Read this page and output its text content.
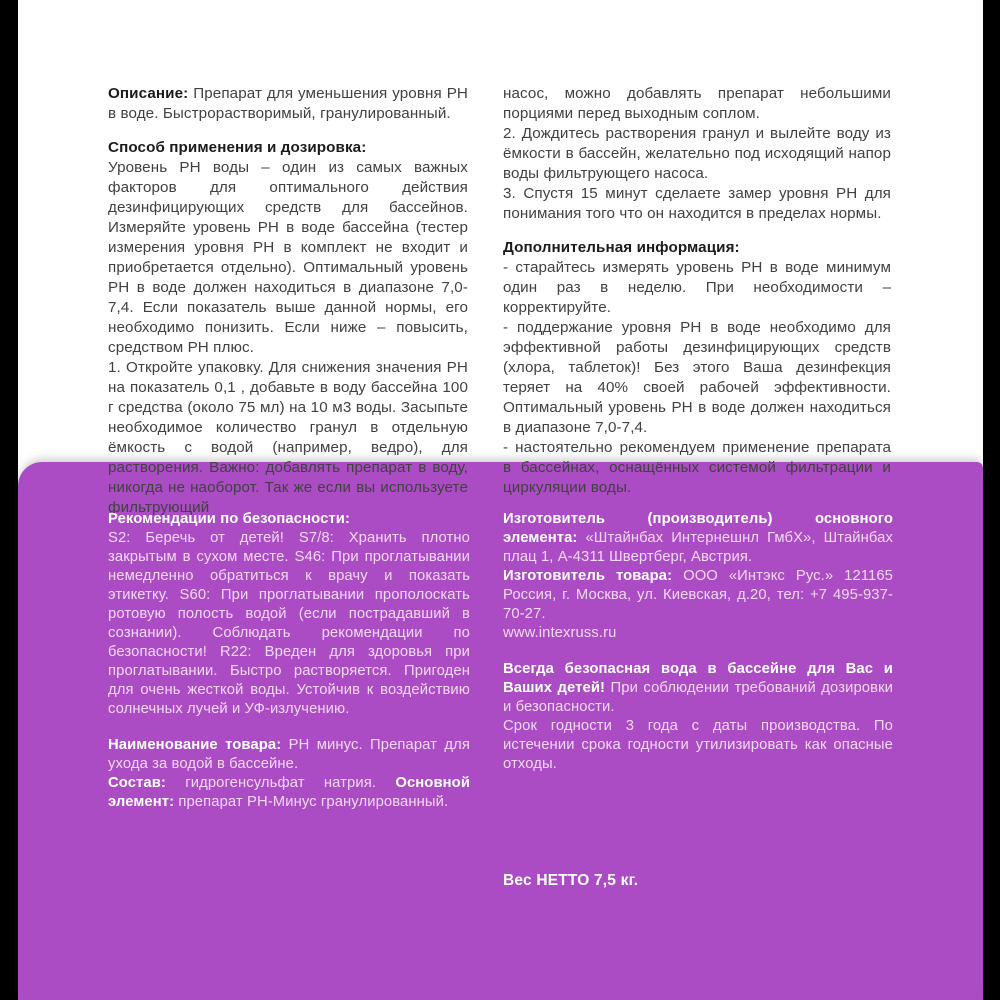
Описание: Препарат для уменьшения уровня PH в воде. Быстрорастворимый, гранулированный.

Способ применения и дозировка:

Уровень PH воды – один из самых важных факторов для оптимального действия дезинфицирующих средств для бассейнов. Измеряйте уровень PH в воде бассейна (тестер измерения уровня PH в комплект не входит и приобретается отдельно). Оптимальный уровень PH в воде должен находиться в диапазоне 7,0-7,4. Если показатель выше данной нормы, его необходимо понизить. Если ниже – повысить, средством PH плюс.

1. Откройте упаковку. Для снижения значения PH на показатель 0,1 , добавьте в воду бассейна 100 г средства (около 75 мл) на 10 м3 воды. Засыпьте необходимое количество гранул в отдельную ёмкость с водой (например, ведро), для растворения. Важно: добавлять препарат в воду, никогда не наоборот. Так же если вы используете фильтрующий

насос, можно добавлять препарат небольшими порциями перед выходным соплом.

2. Дождитесь растворения гранул и вылейте воду из ёмкости в бассейн, желательно под исходящий напор воды фильтрующего насоса.

3. Спустя 15 минут сделаете замер уровня PH для понимания того что он находится в пределах нормы.

Дополнительная информация:

- старайтесь измерять уровень PH в воде минимум один раз в неделю. При необходимости – корректируйте.

- поддержание уровня PH в воде необходимо для эффективной работы дезинфицирующих средств (хлора, таблеток)! Без этого Ваша дезинфекция теряет на 40% своей рабочей эффективности. Оптимальный уровень PH в воде должен находиться в диапазоне 7,0-7,4.

- настоятельно рекомендуем применение препарата в бассейнах, оснащённых системой фильтрации и циркуляции воды.

Рекомендации по безопасности:

S2: Беречь от детей! S7/8: Хранить плотно закрытым в сухом месте. S46: При проглатывании немедленно обратиться к врачу и показать этикетку. S60: При проглатывании прополоскать ротовую полость водой (если пострадавший в сознании). Соблюдать рекомендации по безопасности! R22: Вреден для здоровья при проглатывании. Быстро растворяется. Пригоден для очень жесткой воды. Устойчив к воздействию солнечных лучей и УФ-излучению.

Наименование товара: PH минус. Препарат для ухода за водой в бассейне.

Состав: гидрогенсульфат натрия. Основной элемент: препарат PH-Минус гранулированный.

Изготовитель (производитель) основного элемента: «Штайнбах Интернешнл ГмбХ», Штайнбах плац 1, A-4311 Швертберг, Австрия.

Изготовитель товара: ООО «Интэкс Рус.» 121165 Россия, г. Москва, ул. Киевская, д.20, тел: +7 495-937-70-27.

www.intexruss.ru

Всегда безопасная вода в бассейне для Вас и Ваших детей! При соблюдении требований дозировки и безопасности.

Срок годности 3 года с даты производства. По истечении срока годности утилизировать как опасные отходы.

Вес НЕТТО 7,5 кг.
